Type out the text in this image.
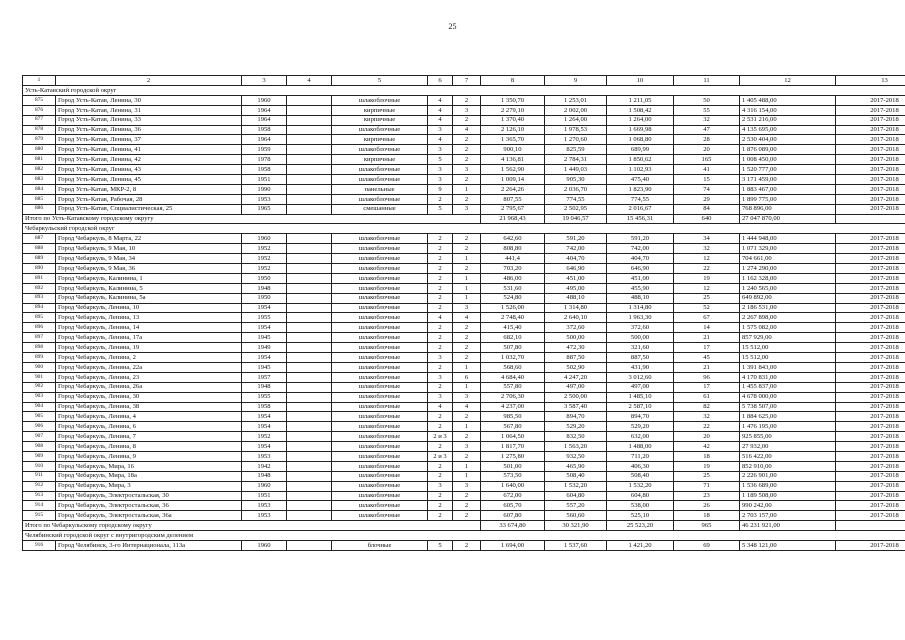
25
1	2	3	4	5	6	7	8	9	10	11	12	13
Усть-Катавский городской округ												
875	Город Усть-Катав, Ленина, 30	1960		шлакоблочные	4	2	1 350,70	1 253,01	1 211,05	50	1 405 488,00	2017-2018
876	Город Усть-Катав, Ленина, 31	1964		кирпичные	4	3	2 279,10	2 002,00	1 508,42	55	4 316 154,00	2017-2018
877	Город Усть-Катав, Ленина, 33	1964		кирпичные	4	2	1 370,40	1 264,00	1 264,00	32	2 531 216,00	2017-2018
878	Город Усть-Катав, Ленина, 36	1958		шлакоблочные	3	4	2 126,10	1 978,53	1 669,98	47	4 135 695,00	2017-2018
879	Город Усть-Катав, Ленина, 37	1964		кирпичные	4	2	1 365,70	1 270,60	1 068,80	28	2 530 404,00	2017-2018
880	Город Усть-Катав, Ленина, 41	1959		шлакоблочные	3	2	900,10	825,59	689,99	20	1 876 089,00	2017-2018
881	Город Усть-Катав, Ленина, 42	1978		кирпичные	5	2	4 136,81	2 784,31	1 850,62	165	1 008 450,00	2017-2018
882	Город Усть-Катав, Ленина, 43	1958		шлакоблочные	3	3	1 562,90	1 449,03	1 102,93	41	1 520 777,00	2017-2018
883	Город Усть-Катав, Ленина, 45	1951		шлакоблочные	3	2	1 009,14	905,30	475,40	15	3 171 459,00	2017-2018
884	Город Усть-Катав, МКР-2, 8	1990		панельные	9	1	2 264,26	2 036,70	1 823,90	74	1 883 467,00	2017-2018
885	Город Усть-Катав, Рабочая, 28	1953		шлакоблочные	2	2	807,55	774,55	774,55	29	1 899 775,00	2017-2018
886	Город Усть-Катав, Социалистическая, 25	1965		смешанные	5	3	2 795,67	2 502,95	2 016,67	84	768 896,00	2017-2018
Итого по Усть-Катавскому городскому округу							21 968,43	19 046,57	15 456,31	640	27 047 870,00	
Чебаркульский городской округ												
887	Город Чебаркуль, 8 Марта, 22	1960		шлакоблочные	2	2	642,60	591,20	591,20	34	1 444 948,00	2017-2018
888	Город Чебаркуль, 9 Мая, 10	1952		шлакоблочные	2	2	808,80	742,00	742,00	32	1 071 329,00	2017-2018
889	Город Чебаркуль, 9 Мая, 34	1952		шлакоблочные	2	1	441,4	404,70	404,70	12	704 661,00	2017-2018
890	Город Чебаркуль, 9 Мая, 36	1952		шлакоблочные	2	2	703,20	646,90	646,90	22	1 274 290,00	2017-2018
891	Город Чебаркуль, Калинина, 1	1950		шлакоблочные	2	1	486,00	451,00	451,00	19	1 162 328,00	2017-2018
892	Город Чебаркуль, Калинина, 5	1948		шлакоблочные	2	1	531,60	495,00	455,90	12	1 240 565,00	2017-2018
893	Город Чебаркуль, Калинина, 5а	1950		шлакоблочные	2	1	524,80	488,10	488,10	25	649 892,00	2017-2018
894	Город Чебаркуль, Ленина, 10	1954		шлакоблочные	2	3	1 526,00	1 314,80	1 314,80	52	2 186 531,00	2017-2018
895	Город Чебаркуль, Ленина, 13	1955		шлакоблочные	4	4	2 748,40	2 640,10	1 963,30	67	2 267 898,00	2017-2018
896	Город Чебаркуль, Ленина, 14	1954		шлакоблочные	2	2	415,40	372,60	372,60	14	1 575 082,00	2017-2018
897	Город Чебаркуль, Ленина, 17а	1945		шлакоблочные	2	2	682,10	500,00	500,00	21	857 929,00	2017-2018
898	Город Чебаркуль, Ленина, 19	1949		шлакоблочные	2	2	507,80	472,30	321,60	17	15 512,00	2017-2018
899	Город Чебаркуль, Ленина, 2	1954		шлакоблочные	3	2	1 032,70	887,50	887,50	45	15 512,00	2017-2018
900	Город Чебаркуль, Ленина, 22а	1945		шлакоблочные	2	1	568,60	502,90	431,90	21	1 391 843,00	2017-2018
901	Город Чебаркуль, Ленина, 23	1957		шлакоблочные	3	6	4 684,40	4 247,20	3 012,60	96	4 170 831,00	2017-2018
902	Город Чебаркуль, Ленина, 26а	1948		шлакоблочные	2	1	557,80	497,00	497,00	17	1 455 837,00	2017-2018
903	Город Чебаркуль, Ленина, 30	1955		шлакоблочные	3	3	2 706,30	2 500,00	1 485,10	61	4 678 000,00	2017-2018
904	Город Чебаркуль, Ленина, 38	1958		шлакоблочные	4	4	4 237,00	3 587,40	2 587,10	82	5 738 507,00	2017-2018
905	Город Чебаркуль, Ленина, 4	1954		шлакоблочные	2	2	985,50	894,70	894,70	32	1 884 625,00	2017-2018
906	Город Чебаркуль, Ленина, 6	1954		шлакоблочные	2	1	567,80	529,20	529,20	22	1 476 195,00	2017-2018
907	Город Чебаркуль, Ленина, 7	1952		шлакоблочные	2 и 3	2	1 064,50	832,50	632,00	20	925 855,00	2017-2018
908	Город Чебаркуль, Ленина, 8	1954		шлакоблочные	2	3	1 817,70	1 563,20	1 488,00	42	27 932,00	2017-2018
909	Город Чебаркуль, Ленина, 9	1953		шлакоблочные	2 и 3	2	1 275,80	932,50	711,20	18	516 422,00	2017-2018
910	Город Чебаркуль, Мира, 16	1942		шлакоблочные	2	1	501,00	465,90	406,30	19	852 910,00	2017-2018
911	Город Чебаркуль, Мира, 18а	1948		шлакоблочные	2	1	573,50	508,40	508,40	25	2 226 901,00	2017-2018
912	Город Чебаркуль, Мира, 3	1960		шлакоблочные	3	3	1 640,00	1 532,20	1 532,20	71	1 536 689,00	2017-2018
913	Город Чебаркуль, Электростальская, 30	1951		шлакоблочные	2	2	672,00	604,80	604,80	23	1 189 508,00	2017-2018
914	Город Чебаркуль, Электростальская, 36	1953		шлакоблочные	2	2	605,70	557,20	538,00	26	990 242,00	2017-2018
915	Город Чебаркуль, Электростальская, 36а	1953		шлакоблочные	2	2	607,80	560,60	525,10	18	2 703 157,00	2017-2018
Итого по Чебаркульскому городскому округу							33 674,80	30 321,90	25 523,20	965	46 231 921,00	
Челябинский городской округ с внутригородским делением												
916	Город Челябинск, 3-го Интернационала, 113а	1960		блочные	5	2	1 694,00	1 537,60	1 421,20	69	5 348 121,00	2017-2018
